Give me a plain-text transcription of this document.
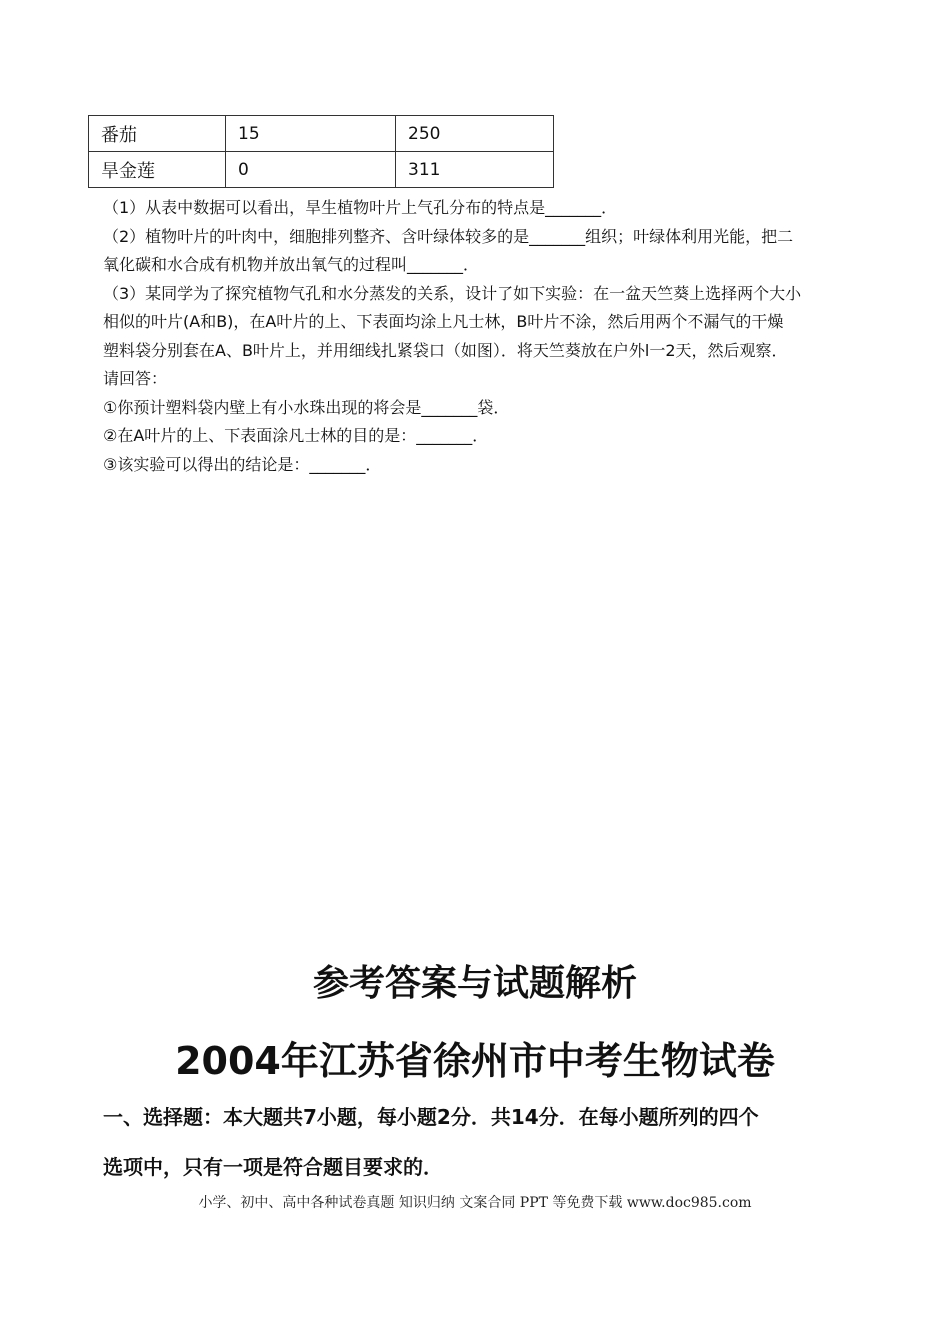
番茄	15	250
旱金莲	0	311
（1）从表中数据可以看出，旱生植物叶片上气孔分布的特点是_______．
（2）植物叶片的叶肉中，细胞排列整齐、含叶绿体较多的是_______组织；叶绿体利用光能，把二
氧化碳和水合成有机物并放出氧气的过程叫_______．
（3）某同学为了探究植物气孔和水分蒸发的关系，设计了如下实验：在一盆天竺葵上选择两个大小
相似的叶片(A和B)，在A叶片的上、下表面均涂上凡士林，B叶片不涂，然后用两个不漏气的干燥
塑料袋分别套在A、B叶片上，并用细线扎紧袋口（如图）．将天竺葵放在户外l一2天，然后观察．
请回答：
①你预计塑料袋内壁上有小水珠出现的将会是_______袋．
②在A叶片的上、下表面涂凡士林的目的是：_______．
③该实验可以得出的结论是：_______．
参考答案与试题解析
2004年江苏省徐州市中考生物试卷
一、选择题：本大题共7小题，每小题2分．共14分．在每小题所列的四个
选项中，只有一项是符合题目要求的．
小学、初中、高中各种试卷真题 知识归纳 文案合同 PPT 等免费下载 www.doc985.com
